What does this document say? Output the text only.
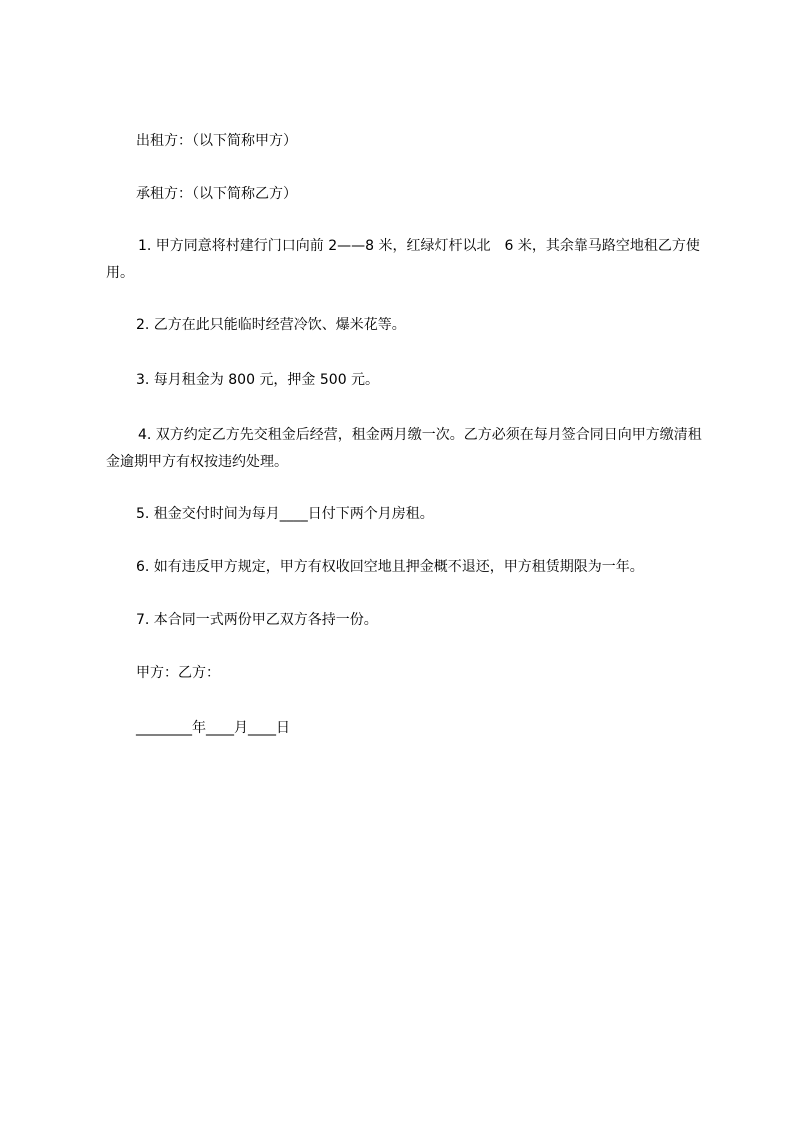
出租方：（以下简称甲方）
承租方：（以下简称乙方）
1. 甲方同意将村建行门口向前 2——8 米，红绿灯杆以北　6 米，其余靠马路空地租乙方使用。
2. 乙方在此只能临时经营冷饮、爆米花等。
3. 每月租金为 800 元，押金 500 元。
4. 双方约定乙方先交租金后经营，租金两月缴一次。乙方必须在每月签合同日向甲方缴清租金逾期甲方有权按违约处理。
5. 租金交付时间为每月____日付下两个月房租。
6. 如有违反甲方规定，甲方有权收回空地且押金概不退还，甲方租赁期限为一年。
7. 本合同一式两份甲乙双方各持一份。
甲方：乙方：
________年____月____日
